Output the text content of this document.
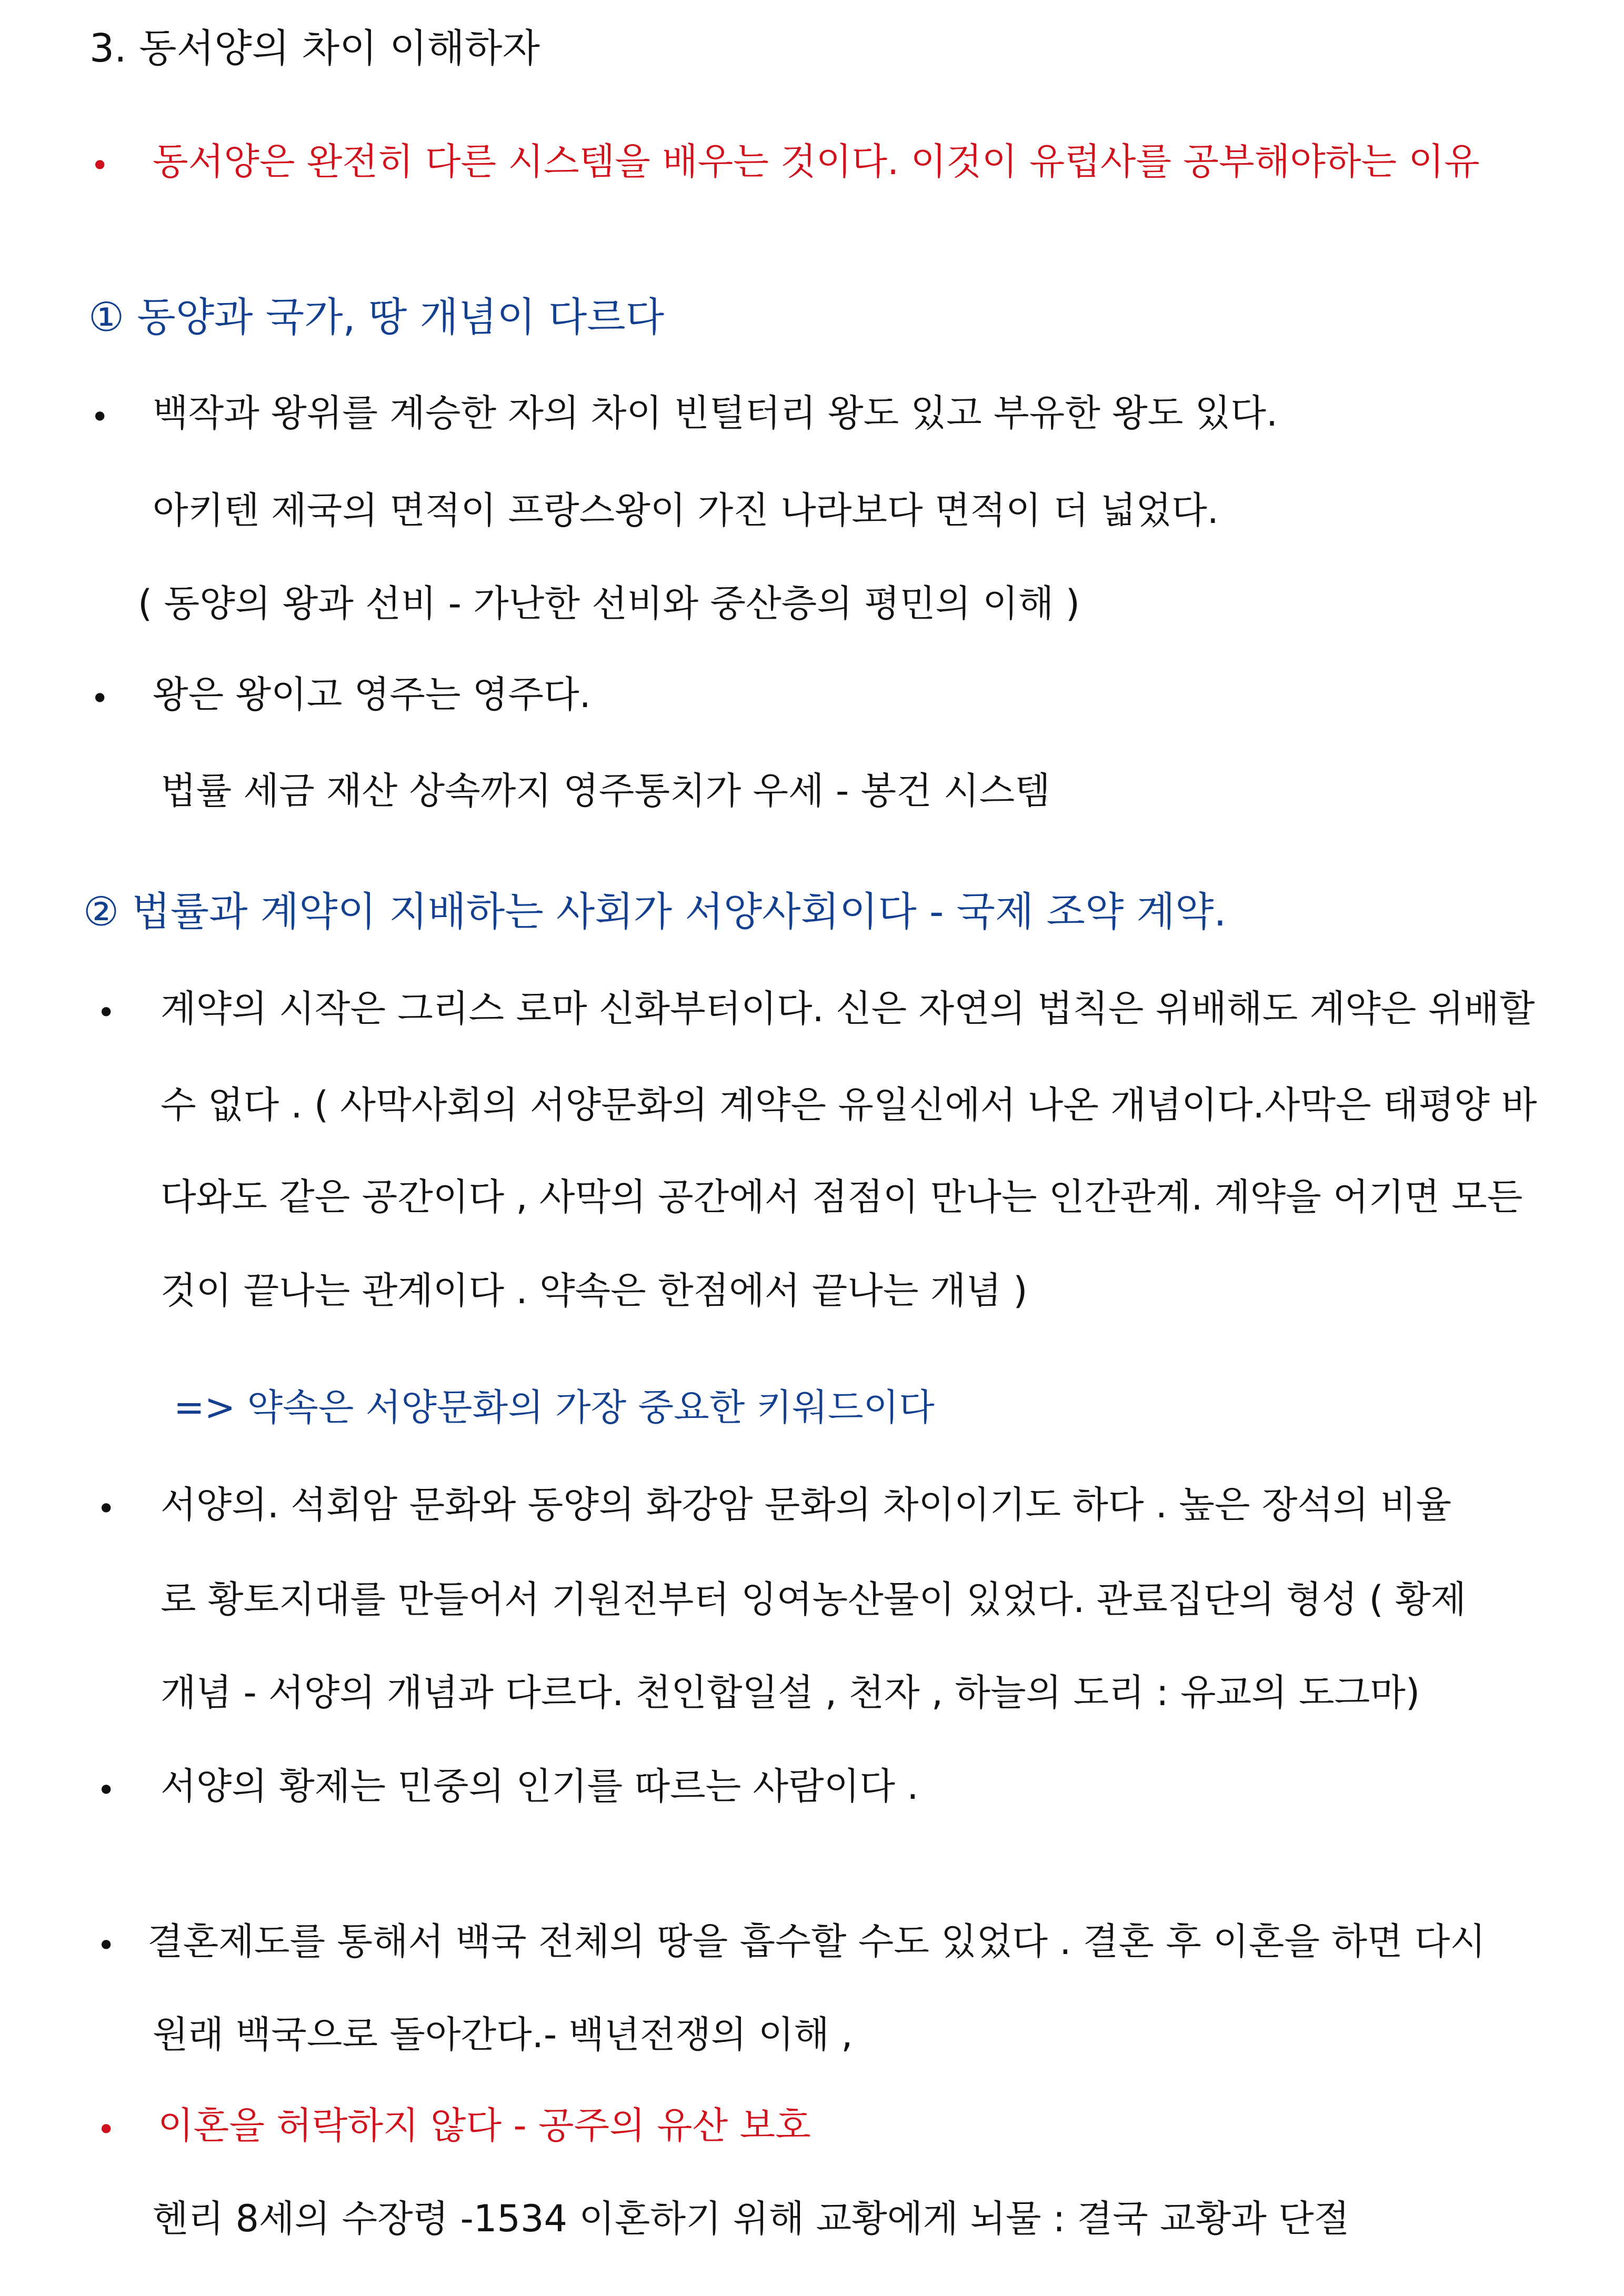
3. 동서양의 차이 이해하자
• 동서양은 완전히 다른 시스템을 배우는 것이다. 이것이 유럽사를 공부해야하는 이유
① 동양과 국가, 땅 개념이 다르다
• 백작과 왕위를 계승한 자의 차이 빈털터리 왕도 있고 부유한 왕도 있다.
아키텐 제국의 면적이 프랑스왕이 가진 나라보다 면적이 더 넓었다.
( 동양의 왕과 선비 - 가난한 선비와 중산층의 평민의 이해 )
• 왕은 왕이고 영주는 영주다.
법률 세금 재산 상속까지 영주통치가 우세 - 봉건 시스템
② 법률과 계약이 지배하는 사회가 서양사회이다 - 국제 조약 계약.
• 계약의 시작은 그리스 로마 신화부터이다. 신은 자연의 법칙은 위배해도 계약은 위배할
수 없다 . ( 사막사회의 서양문화의 계약은 유일신에서 나온 개념이다.사막은 태평양 바
다와도 같은 공간이다 , 사막의 공간에서 점점이 만나는 인간관계. 계약을 어기면 모든
것이 끝나는 관계이다 . 약속은 한점에서 끝나는 개념 )
=> 약속은 서양문화의 가장 중요한 키워드이다
• 서양의. 석회암 문화와 동양의 화강암 문화의 차이이기도 하다 . 높은 장석의 비율
로 황토지대를 만들어서 기원전부터 잉여농산물이 있었다. 관료집단의 형성 ( 황제
개념 - 서양의 개념과 다르다. 천인합일설 , 천자 , 하늘의 도리 : 유교의 도그마)
• 서양의 황제는 민중의 인기를 따르는 사람이다 .
• 결혼제도를 통해서 백국 전체의 땅을 흡수할 수도 있었다 . 결혼 후 이혼을 하면 다시
원래 백국으로 돌아간다.- 백년전쟁의 이해 ,
• 이혼을 허락하지 않다 - 공주의 유산 보호
헨리 8세의 수장령 -1534 이혼하기 위해 교황에게 뇌물 : 결국 교황과 단절
